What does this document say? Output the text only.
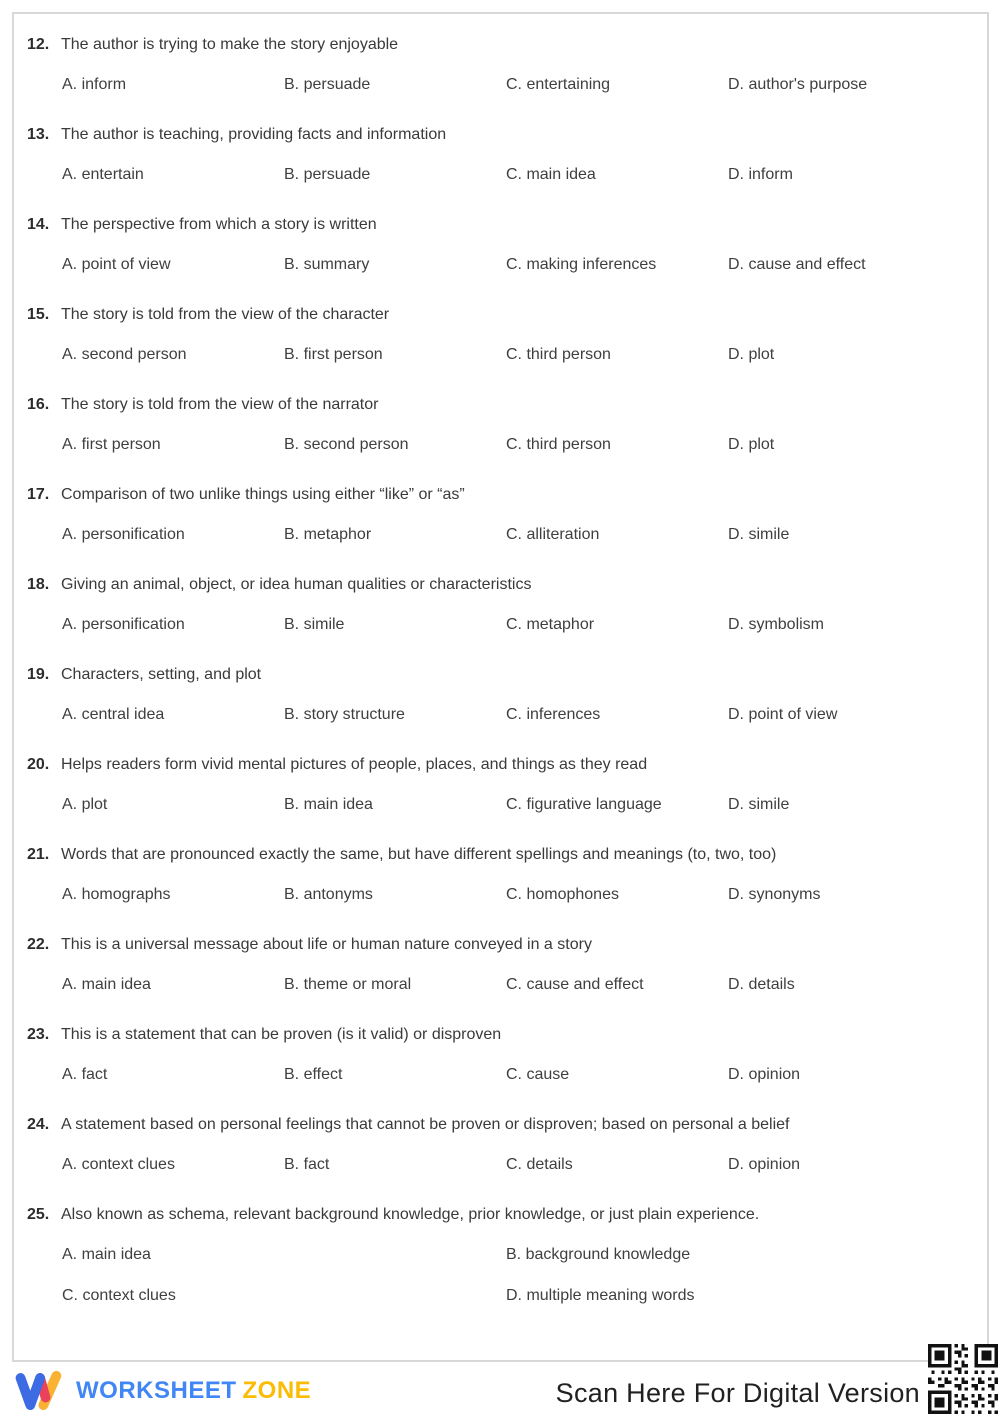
12. The author is trying to make the story enjoyable
A. inform	B. persuade	C. entertaining	D. author's purpose
13. The author is teaching, providing facts and information
A. entertain	B. persuade	C. main idea	D. inform
14. The perspective from which a story is written
A. point of view	B. summary	C. making inferences	D. cause and effect
15. The story is told from the view of the character
A. second person	B. first person	C. third person	D. plot
16. The story is told from the view of the narrator
A. first person	B. second person	C. third person	D. plot
17. Comparison of two unlike things using either “like” or “as”
A. personification	B. metaphor	C. alliteration	D. simile
18. Giving an animal, object, or idea human qualities or characteristics
A. personification	B. simile	C. metaphor	D. symbolism
19. Characters, setting, and plot
A. central idea	B. story structure	C. inferences	D. point of view
20. Helps readers form vivid mental pictures of people, places, and things as they read
A. plot	B. main idea	C. figurative language	D. simile
21. Words that are pronounced exactly the same, but have different spellings and meanings (to, two, too)
A. homographs	B. antonyms	C. homophones	D. synonyms
22. This is a universal message about life or human nature conveyed in a story
A. main idea	B. theme or moral	C. cause and effect	D. details
23. This is a statement that can be proven (is it valid) or disproven
A. fact	B. effect	C. cause	D. opinion
24. A statement based on personal feelings that cannot be proven or disproven; based on personal a belief
A. context clues	B. fact	C. details	D. opinion
25. Also known as schema, relevant background knowledge, prior knowledge, or just plain experience.
A. main idea	B. background knowledge
C. context clues	D. multiple meaning words
WORKSHEET ZONE	Scan Here For Digital Version
